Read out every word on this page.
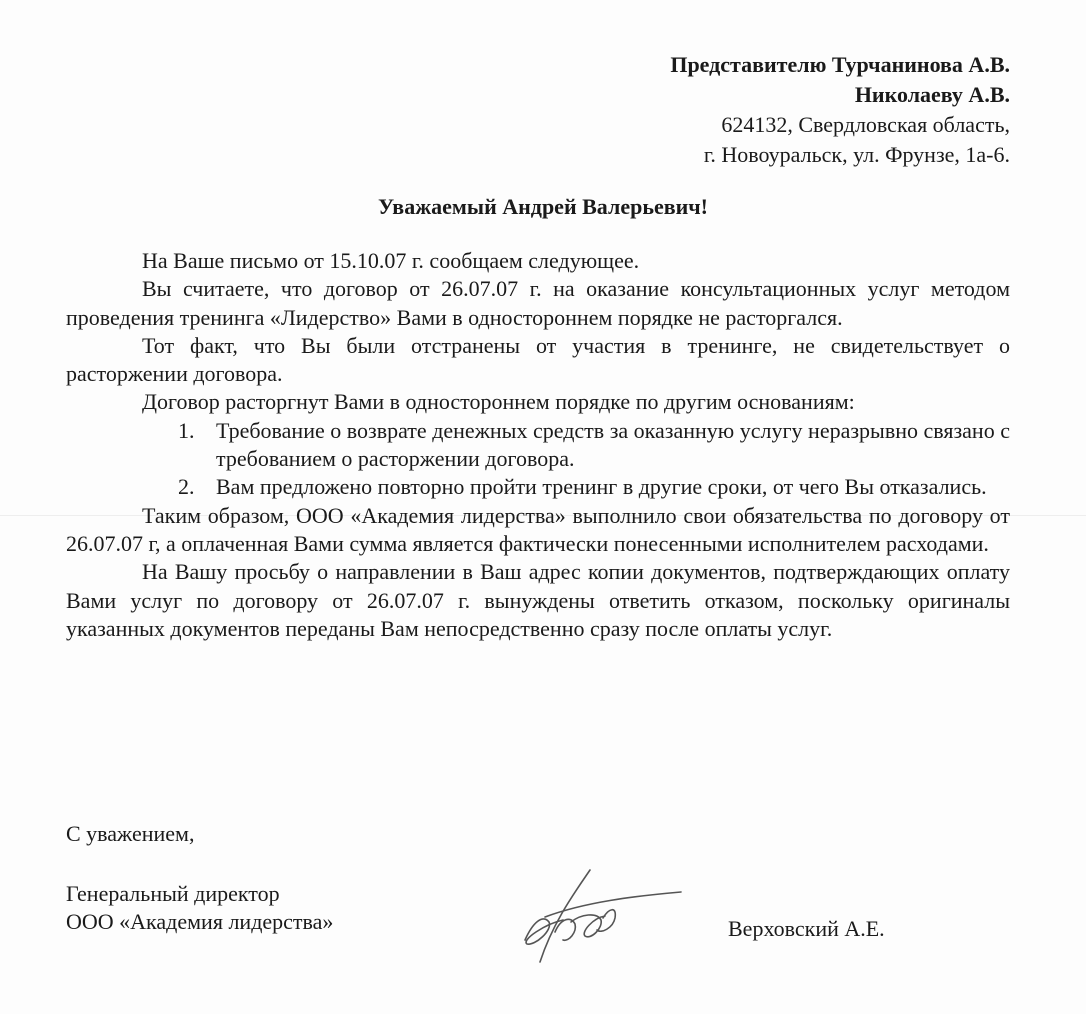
Представителю Турчанинова А.В.
Николаеву А.В.
624132, Свердловская область,
г. Новоуральск, ул. Фрунзе, 1а-6.
Уважаемый Андрей Валерьевич!

На Ваше письмо от 15.10.07 г. сообщаем следующее.

Вы считаете, что договор от 26.07.07 г. на оказание консультационных услуг методом проведения тренинга «Лидерство» Вами в одностороннем порядке не расторгался.

Тот факт, что Вы были отстранены от участия в тренинге, не свидетельствует о расторжении договора.

Договор расторгнут Вами в одностороннем порядке по другим основаниям:

1. Требование о возврате денежных средств за оказанную услугу неразрывно связано с требованием о расторжении договора.
2. Вам предложено повторно пройти тренинг в другие сроки, от чего Вы отказались.

Таким образом, ООО «Академия лидерства» выполнило свои обязательства по договору от 26.07.07 г, а оплаченная Вами сумма является фактически понесенными исполнителем расходами.

На Вашу просьбу о направлении в Ваш адрес копии документов, подтверждающих оплату Вами услуг по договору от 26.07.07 г. вынуждены ответить отказом, поскольку оригиналы указанных документов переданы Вам непосредственно сразу после оплаты услуг.

С уважением,
Генеральный директор
ООО «Академия лидерства»	Верховский А.Е.
